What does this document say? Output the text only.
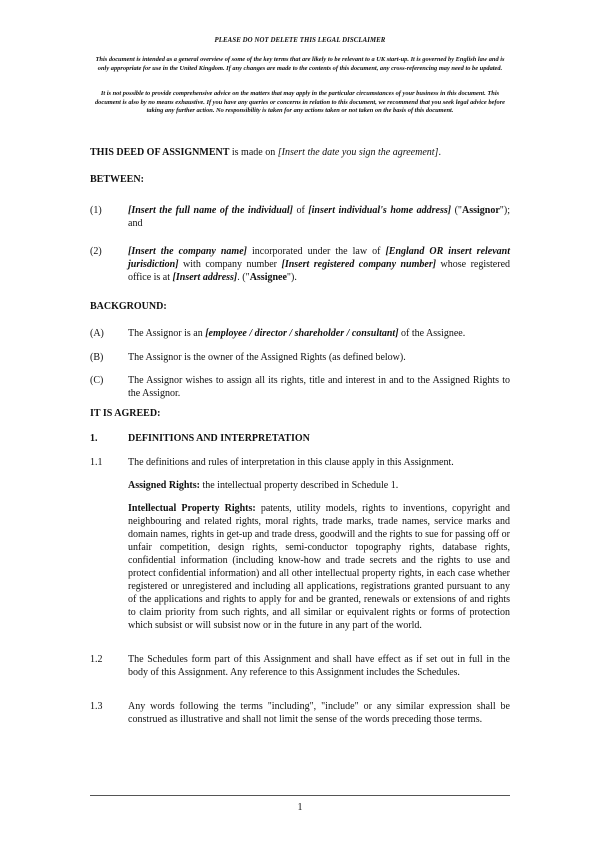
PLEASE DO NOT DELETE THIS LEGAL DISCLAIMER
This document is intended as a general overview of some of the key terms that are likely to be relevant to a UK start-up. It is governed by English law and is only appropriate for use in the United Kingdom. If any changes are made to the contents of this document, any cross-referencing may need to be updated.
It is not possible to provide comprehensive advice on the matters that may apply in the particular circumstances of your business in this document. This document is also by no means exhaustive. If you have any queries or concerns in relation to this document, we recommend that you seek legal advice before taking any further action. No responsibility is taken for any actions taken or not taken on the basis of this document.
THIS DEED OF ASSIGNMENT is made on [Insert the date you sign the agreement].
BETWEEN:
(1)	[Insert the full name of the individual] of [insert individual's home address] ("Assignor"); and
(2)	[Insert the company name] incorporated under the law of [England OR insert relevant jurisdiction] with company number [Insert registered company number] whose registered office is at [Insert address]. ("Assignee").
BACKGROUND:
(A) The Assignor is an [employee / director / shareholder / consultant] of the Assignee.
(B) The Assignor is the owner of the Assigned Rights (as defined below).
(C) The Assignor wishes to assign all its rights, title and interest in and to the Assigned Rights to the Assignor.
IT IS AGREED:
1.	DEFINITIONS AND INTERPRETATION
1.1	The definitions and rules of interpretation in this clause apply in this Assignment.
Assigned Rights: the intellectual property described in Schedule 1.
Intellectual Property Rights: patents, utility models, rights to inventions, copyright and neighbouring and related rights, moral rights, trade marks, trade names, service marks and domain names, rights in get-up and trade dress, goodwill and the rights to sue for passing off or unfair competition, design rights, semi-conductor topography rights, database rights, confidential information (including know-how and trade secrets and the rights to use and protect confidential information) and all other intellectual property rights, in each case whether registered or unregistered and including all applications, registrations granted pursuant to any of the applications and rights to apply for and be granted, renewals or extensions of and rights to claim priority from such rights, and all similar or equivalent rights or forms of protection which subsist or will subsist now or in the future in any part of the world.
1.2	The Schedules form part of this Assignment and shall have effect as if set out in full in the body of this Assignment. Any reference to this Assignment includes the Schedules.
1.3	Any words following the terms "including", "include" or any similar expression shall be construed as illustrative and shall not limit the sense of the words preceding those terms.
1
